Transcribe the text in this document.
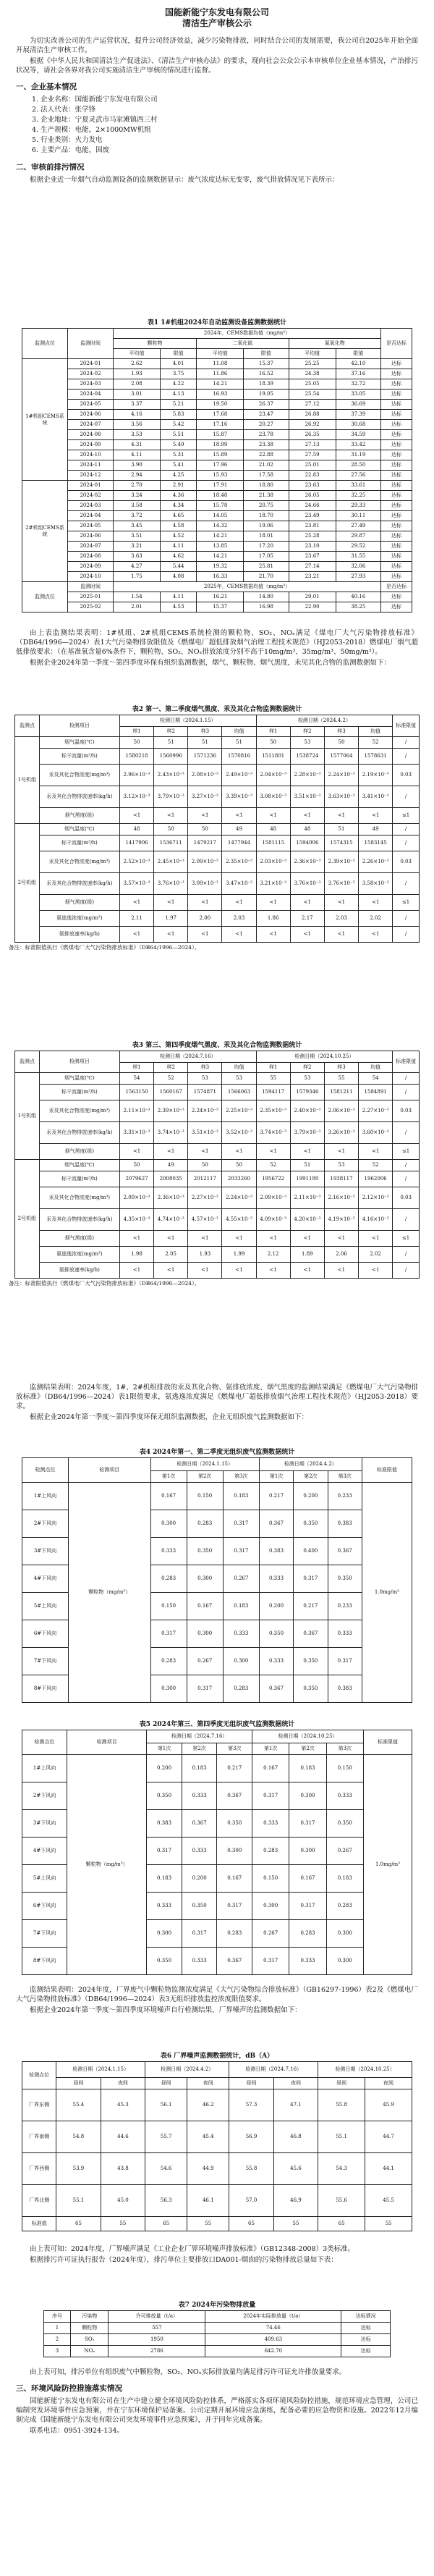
国能新能宁东发电有限公司
清洁生产审核公示

为切实改善公司的生产运营状况，提升公司经济效益，减少污染物排放，同时结合公司的发展需要，我公司自2025年开始全面开展清洁生产审核工作。

根据《中华人民共和国清洁生产促进法》、《清洁生产审核办法》的要求，现向社会公众公示本审核单位企业基本情况，产治排污状况等，请社会各界对我公司实施清洁生产审核的情况进行监督。

一、企业基本情况
1. 企业名称：国能新能宁东发电有限公司
2. 法人代表：张学锋
3. 企业地址：宁夏灵武市马家滩镇西三村
4. 生产规模：电能，2×1000MW机组
5. 行业类别：火力发电
6. 主要产品：电能，固废
二、审核前排污情况

根据企业近一年烟气自动监测设备的监测数据显示：废气浓度达标无变零，废气排放情况见下表所示：

表1 1#机组2024年自动监测设备监测数据统计
监测点位	监测时间	2024年，CEMS数据均值（mg/m³）						是否达标
		颗粒物		二氧化硫		氮氧化物		
		平均值	限值	平均值	限值	平均值	限值	
1#机组CEMS系统	2024-01	2.62	4.01	11.08	15.37	25.25	42.10	达标
	2024-02	1.93	3.75	11.86	16.52	24.38	37.16	达标
	2024-03	2.08	4.22	14.21	18.39	25.05	32.72	达标
	2024-04	3.01	4.13	16.93	19.05	25.54	33.05	达标
	2024-05	3.37	5.21	19.50	26.37	27.12	36.69	达标
	2024-06	4.16	5.83	17.68	23.47	26.88	37.39	达标
	2024-07	3.56	5.42	17.16	20.27	26.92	30.68	达标
	2024-08	3.53	5.51	15.87	23.78	26.35	34.59	达标
	2024-09	4.31	5.49	18.99	23.38	27.13	33.42	达标
	2024-10	4.11	5.31	15.89	22.88	27.59	31.19	达标
	2024-11	3.90	5.41	17.96	21.02	25.01	28.50	达标
	2024-12	2.94	4.25	15.93	17.58	22.83	27.56	达标
2#机组CEMS系统	2024-01	2.70	2.91	17.91	18.80	23.63	33.61	达标
	2024-02	3.24	4.36	18.48	21.38	26.05	32.25	达标
	2024-03	3.58	4.34	15.78	20.75	24.66	29.33	达标
	2024-04	3.72	4.65	14.05	18.70	23.49	30.11	达标
	2024-05	3.45	4.58	14.32	19.06	23.81	27.49	达标
	2024-06	3.51	4.52	14.21	18.01	25.28	29.87	达标
	2024-07	3.21	4.11	13.85	17.20	23.10	29.52	达标
	2024-08	3.63	4.62	14.21	17.05	23.67	31.55	达标
	2024-09	4.27	5.44	19.32	25.81	27.14	32.06	达标
	2024-10	1.75	4.08	16.33	21.70	23.21	27.93	达标
监测点位	监测时间	2025年，CEMS数据均值（mg/m³）						是否达标
	2025-01	1.54	4.11	16.21	14.80	29.01	40.16	达标
	2025-02	2.01	4.53	15.37	16.98	22.90	38.25	达标

由上表监测结果表明：1#机组、2#机组CEMS系统检测的颗粒物、SO₂、NOₓ满足《煤电厂大气污染物排放标准》（DB64/1996—2024）表1大气污染物排放限值及《燃煤电厂超低排放烟气治理工程技术规范》（HJ2053-2018）燃煤电厂烟气超低排放要求：（在基准氧含量6%条件下，颗粒物、SO₂、NOₓ排放浓度分别不高于10mg/m³、35mg/m³、50mg/m³）。

根据企业2024年第一季度～第四季度环保有组织监测数据，烟气、颗粒物、烟气黑度，未见其化合物的监测数据如下：

表2 第一、第二季度烟气黑度、汞及其化合物监测数据统计
监测点	检测项目	检测日期（2024.1.15）				检测日期（2024.4.2）				标准限值
		样1	样2	样3	均值	样1	样2	样3	均值	
1号机组	烟气温度(℃)	50	51	51	51	50	53	50	52	/
	标干流量(m³/h)	1580218	1560996	1571236	1570816	1511801	1538724	1577064	1578631	/
	汞及其化合物浓度(mg/m³)	2.96×10⁻³	2.43×10⁻³	2.08×10⁻³	2.49×10⁻³	2.04×10⁻³	2.28×10⁻³	2.24×10⁻³	2.19×10⁻³	0.03
	汞及其化合物排放速率(kg/h)	3.12×10⁻³	3.79×10⁻³	3.27×10⁻³	3.39×10⁻³	3.08×10⁻³	3.51×10⁻³	3.63×10⁻³	3.41×10⁻³	/
	烟气黑度(级)	<1	<1	<1	<1	<1	<1	<1	<1	≤1
2号机组	烟气温度(℃)	48	50	50	49	48	48	51	49	/
	标干流量(m³/h)	1417906	1536711	1479217	1477944	1581115	1594006	1574315	1583145	/
	汞及其化合物浓度(mg/m³)	2.52×10⁻³	2.45×10⁻³	2.09×10⁻³	2.35×10⁻³	2.03×10⁻³	2.36×10⁻³	2.39×10⁻³	2.26×10⁻³	0.03
	汞及其化合物排放速率(kg/h)	3.57×10⁻³	3.76×10⁻³	3.09×10⁻³	3.47×10⁻³	3.21×10⁻³	3.76×10⁻³	3.76×10⁻³	3.58×10⁻³	/
	烟气黑度(级)	<1	<1	<1	<1	<1	<1	<1	<1	≤1
	氨逃逸浓度(mg/m³)	2.11	1.97	2.00	2.03	1.86	2.17	2.03	2.02	/
	氨排放速率(kg/h)	<1	<1	<1	<1	<1	<1	<1	<1	/
备注：标准限值执行《燃煤电厂大气污染物排放标准》（DB64/1996—2024）。
表3 第三、第四季度烟气黑度、汞及其化合物监测数据统计
监测点	检测项目	检测日期（2024.7.16）				检测日期（2024.10.25）				标准限值
		样1	样2	样3	均值	样1	样2	样3	均值	
1号机组	烟气温度(℃)	54	52	53	53	55	53	55	54	/
	标干流量(m³/h)	1563150	1560167	1574871	1566063	1594117	1579346	1581211	1584891	/
	汞及其化合物浓度(mg/m³)	2.11×10⁻³	2.39×10⁻³	2.24×10⁻³	2.25×10⁻³	2.35×10⁻³	2.40×10⁻³	2.06×10⁻³	2.27×10⁻³	0.03
	汞及其化合物排放速率(kg/h)	3.31×10⁻³	3.74×10⁻³	3.51×10⁻³	3.52×10⁻³	3.74×10⁻³	3.79×10⁻³	3.26×10⁻³	3.60×10⁻³	/
	烟气黑度(级)	<1	<1	<1	<1	<1	<1	<1	<1	≤1
2号机组	烟气温度(℃)	50	49	50	50	52	51	53	52	/
	标干流量(m³/h)	2079627	2008035	2012117	2033260	1956722	1991180	1938117	1962006	/
	汞及其化合物浓度(mg/m³)	2.09×10⁻³	2.36×10⁻³	2.27×10⁻³	2.24×10⁻³	2.09×10⁻³	2.11×10⁻³	2.16×10⁻³	2.12×10⁻³	0.03
	汞及其化合物排放速率(kg/h)	4.35×10⁻³	4.74×10⁻³	4.57×10⁻³	4.55×10⁻³	4.09×10⁻³	4.20×10⁻³	4.19×10⁻³	4.16×10⁻³	/
	烟气黑度(级)	<1	<1	<1	<1	<1	<1	<1	<1	≤1
	氨逃逸浓度(mg/m³)	1.98	2.05	1.93	1.99	2.12	1.89	2.06	2.02	/
	氨排放速率(kg/h)	<1	<1	<1	<1	<1	<1	<1	<1	/
备注：标准限值执行《燃煤电厂大气污染物排放标准》（DB64/1996—2024）。

监测结果表明：2024年度，1#、2#机组排放的汞及其化合物、氨排放浓度、烟气黑度的监测结果满足《燃煤电厂大气污染物排放标准》（DB64/1996—2024）表1限值要求，氨逃逸浓度满足《燃煤电厂超低排放烟气治理工程技术规范》（HJ2053-2018）要求。

根据企业2024年第一季度～第四季度环保无组织监测数据，企业无组织废气监测数据如下：

表4 2024年第一、第二季度无组织废气监测数据统计
检测点位	检测项目	检测日期（2024.1.15）			检测日期（2024.4.2）			标准限值
		第1次	第2次	第3次	第1次	第2次	第3次	
1#上风向	颗粒物（mg/m³）	0.167	0.150	0.183	0.217	0.200	0.233	1.0mg/m³
2#下风向		0.300	0.283	0.317	0.367	0.350	0.383	
3#下风向		0.333	0.350	0.317	0.383	0.400	0.367	
4#下风向		0.283	0.300	0.267	0.333	0.317	0.350	
5#上风向		0.150	0.167	0.183	0.200	0.217	0.233	
6#下风向		0.317	0.300	0.333	0.350	0.367	0.333	
7#下风向		0.283	0.267	0.300	0.333	0.350	0.317	
8#下风向		0.300	0.317	0.283	0.367	0.350	0.383	
表5 2024年第三、第四季度无组织废气监测数据统计
检测点位	检测项目	检测日期（2024.7.16）			检测日期（2024.10.25）			标准限值
		第1次	第2次	第3次	第1次	第2次	第3次	
1#上风向	颗粒物（mg/m³）	0.200	0.183	0.217	0.167	0.183	0.150	1.0mg/m³
2#下风向		0.350	0.333	0.367	0.317	0.300	0.333	
3#下风向		0.383	0.367	0.350	0.333	0.317	0.350	
4#下风向		0.317	0.333	0.300	0.283	0.300	0.267	
5#上风向		0.183	0.200	0.167	0.150	0.167	0.183	
6#下风向		0.333	0.350	0.317	0.300	0.317	0.283	
7#下风向		0.300	0.317	0.283	0.267	0.283	0.300	
8#下风向		0.350	0.333	0.367	0.317	0.333	0.300	

监测结果表明：2024年度，厂界废气中颗粒物监测浓度满足《大气污染物综合排放标准》（GB16297-1996）表2及《燃煤电厂大气污染物排放标准》（DB64/1996—2024）表3无组织排放监控浓度限值要求。

根据企业2024年第一季度～第四季度环境噪声自行检测结果，厂界噪声的监测数据如下：

表6 厂界噪声监测数据统计，dB（A）
检测点位	检测日期（2024.1.15）		检测日期（2024.4.2）		检测日期（2024.7.16）		检测日期（2024.10.25）	
	昼间	夜间	昼间	夜间	昼间	夜间	昼间	夜间
厂界东侧	55.4	45.3	56.1	46.2	57.3	47.1	55.8	45.9
厂界南侧	54.8	44.6	55.7	45.4	56.9	46.8	55.1	44.7
厂界西侧	53.9	43.8	54.6	44.9	55.8	45.6	54.3	44.1
厂界北侧	55.1	45.0	56.3	46.1	57.0	46.9	55.6	45.5
标准值	65	55	65	55	65	55	65	55

由上表可知：2024年度，厂界噪声满足《工业企业厂界环境噪声排放标准》（GB12348-2008）3类标准。

根据排污许可证执行报告（2024年度），排污单位主要排放口DA001-烟囱的污染物排放总量如下表：

表7 2024年污染物排放量
序号	污染物	许可排放量（t/a）	2024年实际排放量（t/a）	达标情况
1	颗粒物	557	74.46	达标
2	SO₂	1950	409.63	达标
3	NOₓ	2786	642.70	达标

由上表可知，排污单位有组织废气中颗粒物、SO₂、NOₓ实际排放量均满足排污许可证允许排放量要求。

三、环境风险防控措施落实情况

国能新能宁东发电有限公司在生产中建立健全环境风险防控体系，严格落实各项环境风险防控措施，规范环境应急管理，公司已编制突发环境事件应急预案，并在宁东环境保护局备案。公司定期开展环境应急演练，配备必要的应急物资和设施。2022年12月编制完成《国能新能宁东发电有限公司突发环境事件应急预案》，并于同年完成备案。

联系电话：0951-3924-134。
